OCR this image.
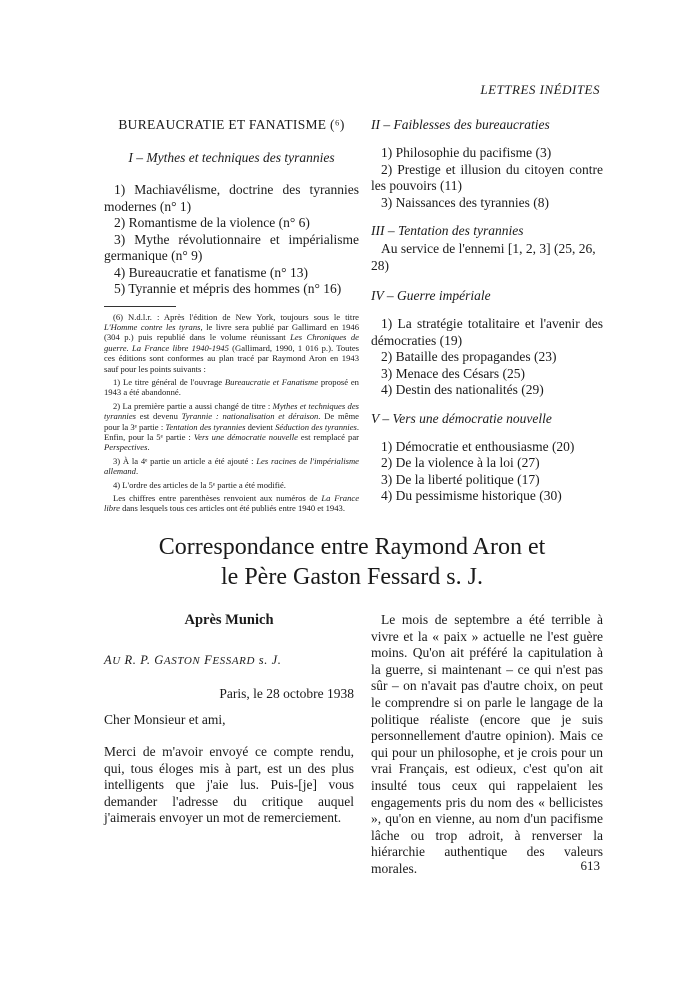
LETTRES INÉDITES
BUREAUCRATIE ET FANATISME (⁶)
I – Mythes et techniques des tyrannies
1) Machiavélisme, doctrine des tyrannies modernes (n° 1)
2) Romantisme de la violence (n° 6)
3) Mythe révolutionnaire et impérialisme germanique (n° 9)
4) Bureaucratie et fanatisme (n° 13)
5) Tyrannie et mépris des hommes (n° 16)

(6) N.d.l.r. : Après l'édition de New York, toujours sous le titre L'Homme contre les tyrans, le livre sera publié par Gallimard en 1946 (304 p.) puis republié dans le volume réunissant Les Chroniques de guerre. La France libre 1940-1945 (Gallimard, 1990, 1 016 p.). Toutes ces éditions sont conformes au plan tracé par Raymond Aron en 1943 sauf pour les points suivants :

1) Le titre général de l'ouvrage Bureaucratie et Fanatisme proposé en 1943 a été abandonné.

2) La première partie a aussi changé de titre : Mythes et techniques des tyrannies est devenu Tyrannie : nationalisation et déraison. De même pour la 3ᵉ partie : Tentation des tyrannies devient Séduction des tyrannies. Enfin, pour la 5ᵉ partie : Vers une démocratie nouvelle est remplacé par Perspectives.

3) À la 4ᵉ partie un article a été ajouté : Les racines de l'impérialisme allemand.

4) L'ordre des articles de la 5ᵉ partie a été modifié.

Les chiffres entre parenthèses renvoient aux numéros de La France libre dans lesquels tous ces articles ont été publiés entre 1940 et 1943.

II – Faiblesses des bureaucraties
1) Philosophie du pacifisme (3)
2) Prestige et illusion du citoyen contre les pouvoirs (11)
3) Naissances des tyrannies (8)
III – Tentation des tyrannies
Au service de l'ennemi [1, 2, 3] (25, 26, 28)
IV – Guerre impériale
1) La stratégie totalitaire et l'avenir des démocraties (19)
2) Bataille des propagandes (23)
3) Menace des Césars (25)
4) Destin des nationalités (29)
V – Vers une démocratie nouvelle
1) Démocratie et enthousiasme (20)
2) De la violence à la loi (27)
3) De la liberté politique (17)
4) Du pessimisme historique (30)
Correspondance entre Raymond Aron et
le Père Gaston Fessard s. J.
Après Munich
AU R. P. GASTON FESSARD s. J.
Paris, le 28 octobre 1938
Cher Monsieur et ami,

Merci de m'avoir envoyé ce compte rendu, qui, tous éloges mis à part, est un des plus intelligents que j'aie lus. Puis-[je] vous demander l'adresse du critique auquel j'aimerais envoyer un mot de remerciement.

Le mois de septembre a été terrible à vivre et la « paix » actuelle ne l'est guère moins. Qu'on ait préféré la capitulation à la guerre, si maintenant – ce qui n'est pas sûr – on n'avait pas d'autre choix, on peut le comprendre si on parle le langage de la politique réaliste (encore que je suis personnellement d'autre opinion). Mais ce qui pour un philosophe, et je crois pour un vrai Français, est odieux, c'est qu'on ait insulté tous ceux qui rappelaient les engagements pris du nom des « bellicistes », qu'on en vienne, au nom d'un pacifisme lâche ou trop adroit, à renverser la hiérarchie authentique des valeurs morales.	613
